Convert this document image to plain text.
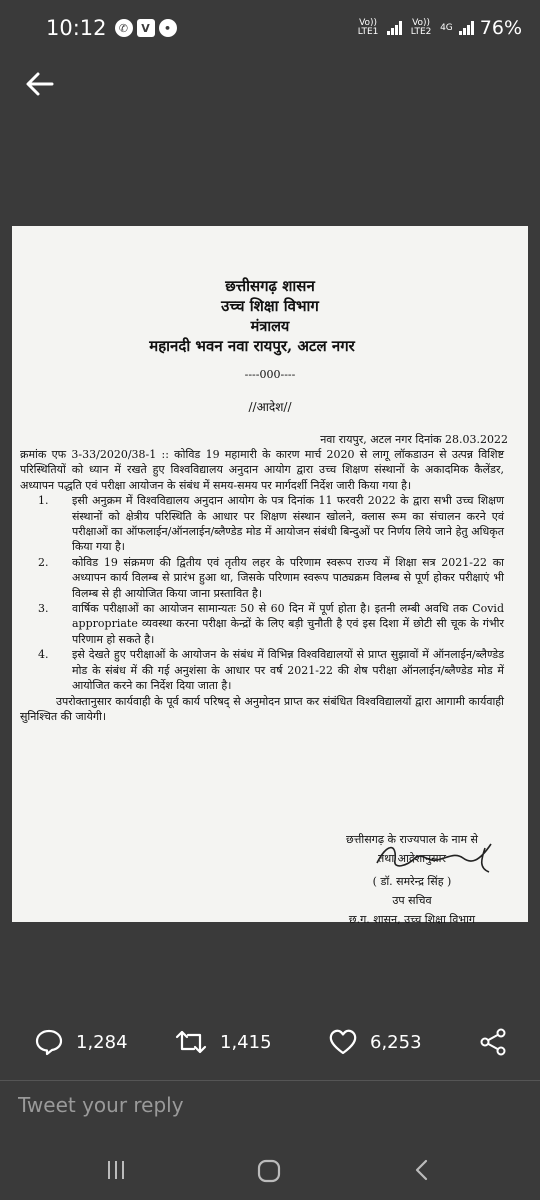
10:12	✆	V	•	Vo)) LTE1
Vo)) LTE2 4G 76%
छत्तीसगढ़ शासन
उच्च शिक्षा विभाग
मंत्रालय
महानदी भवन नवा रायपुर, अटल नगर
----000----
//आदेश//
नवा रायपुर, अटल नगर दिनांक 28.03.2022

क्रमांक एफ 3-33/2020/38-1 :: कोविड 19 महामारी के कारण मार्च 2020 से लागू लॉकडाउन से उत्पन्न विशिष्ट परिस्थितियों को ध्यान में रखते हुए विश्वविद्यालय अनुदान आयोग द्वारा उच्च शिक्षण संस्थानों के अकादमिक कैलेंडर, अध्यापन पद्धति एवं परीक्षा आयोजन के संबंध में समय-समय पर मार्गदर्शी निर्देश जारी किया गया है।

1. इसी अनुक्रम में विश्वविद्यालय अनुदान आयोग के पत्र दिनांक 11 फरवरी 2022 के द्वारा सभी उच्च शिक्षण संस्थानों को क्षेत्रीय परिस्थिति के आधार पर शिक्षण संस्थान खोलने, क्लास रूम का संचालन करने एवं परीक्षाओं का ऑफलाईन/ऑनलाईन/ब्लैण्डेड मोड में आयोजन संबंधी बिन्दुओं पर निर्णय लिये जाने हेतु अधिकृत किया गया है।

2. कोविड 19 संक्रमण की द्वितीय एवं तृतीय लहर के परिणाम स्वरूप राज्य में शिक्षा सत्र 2021-22 का अध्यापन कार्य विलम्ब से प्रारंभ हुआ था, जिसके परिणाम स्वरूप पाठ्यक्रम विलम्ब से पूर्ण होकर परीक्षाएं भी विलम्ब से ही आयोजित किया जाना प्रस्तावित है।

3. वार्षिक परीक्षाओं का आयोजन सामान्यतः 50 से 60 दिन में पूर्ण होता है। इतनी लम्बी अवधि तक Covid appropriate व्यवस्था करना परीक्षा केन्द्रों के लिए बड़ी चुनौती है एवं इस दिशा में छोटी सी चूक के गंभीर परिणाम हो सकते है।

4. इसे देखते हुए परीक्षाओं के आयोजन के संबंध में विभिन्न विश्वविद्यालयों से प्राप्त सुझावों में ऑनलाईन/ब्लैण्डेड मोड के संबंध में की गई अनुशंसा के आधार पर वर्ष 2021-22 की शेष परीक्षा ऑनलाईन/ब्लैण्डेड मोड में आयोजित करने का निर्देश दिया जाता है।

उपरोक्तानुसार कार्यवाही के पूर्व कार्य परिषद् से अनुमोदन प्राप्त कर संबंधित विश्वविद्यालयों द्वारा आगामी कार्यवाही सुनिश्चित की जायेगी।

छत्तीसगढ़ के राज्यपाल के नाम से
तथा आदेशानुसार
( डॉ. समरेन्द्र सिंह )
उप सचिव
छ.ग. शासन, उच्च शिक्षा विभाग
1,284	1,415	6,253
Tweet your reply
